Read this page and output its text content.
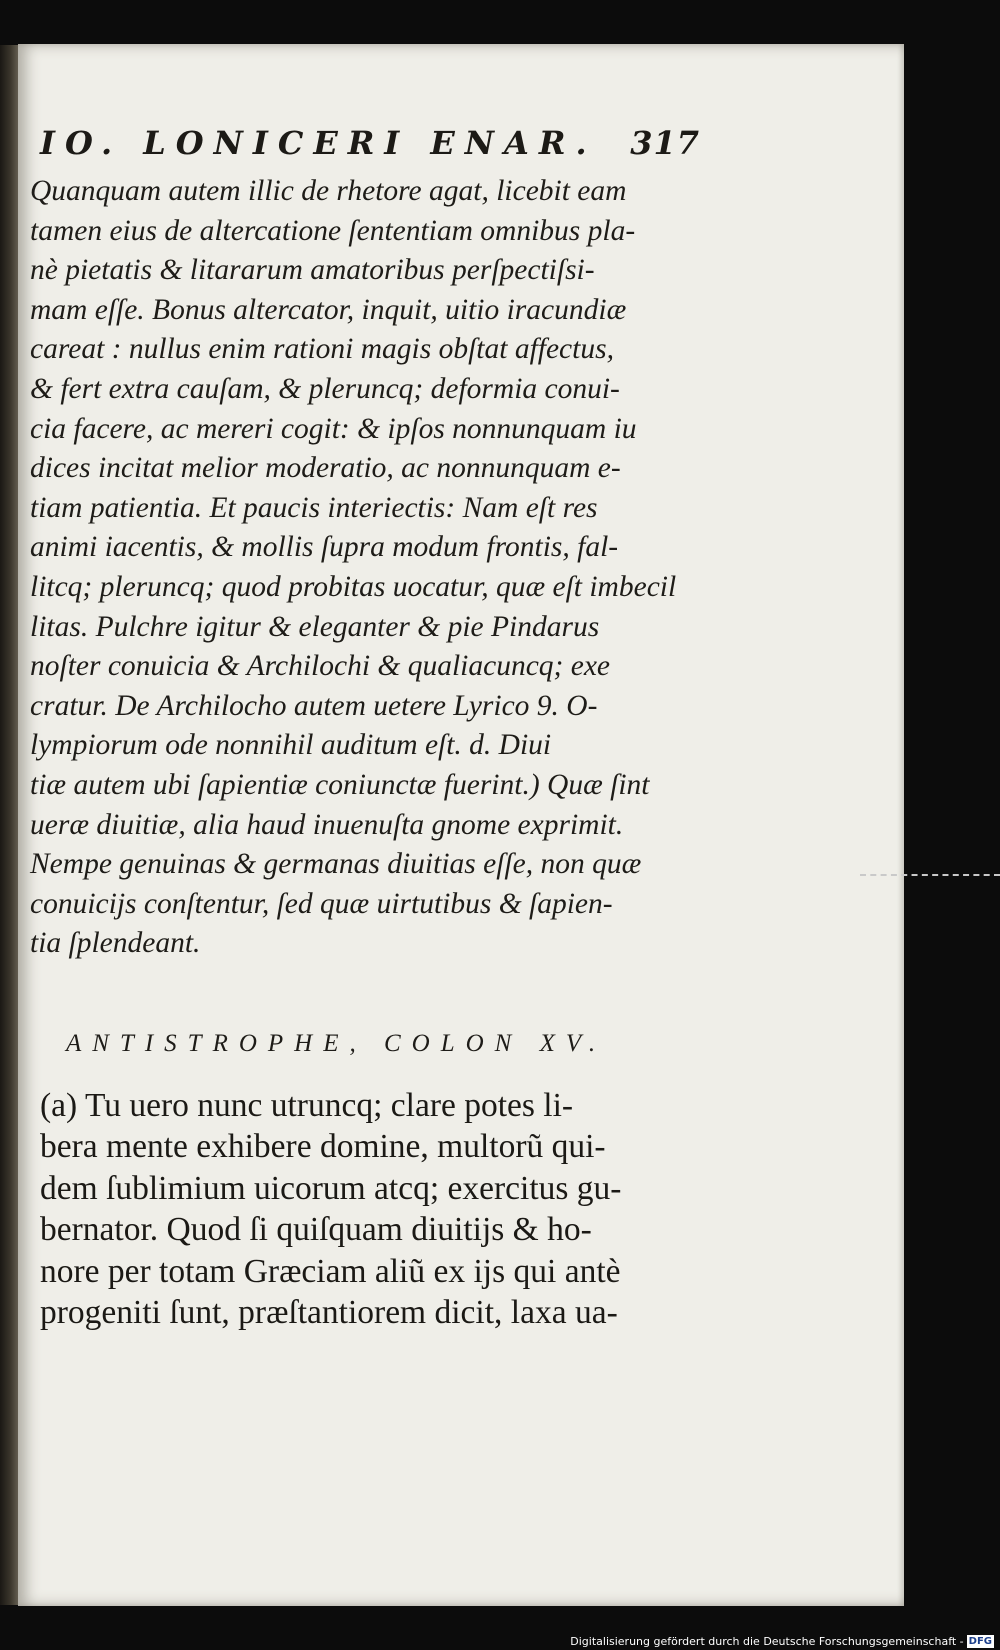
IO. LONICERI ENAR. 317
Quanquam autem illic de rhetore agat, licebit eam
tamen eius de altercatione ſententiam omnibus pla-
nè pietatis & litararum amatoribus perſpectiſsi-
mam eſſe. Bonus altercator, inquit, uitio iracundiæ
careat : nullus enim rationi magis obſtat affectus,
& fert extra cauſam, & pleruncq; deformia conui-
cia facere, ac mereri cogit: & ipſos nonnunquam iu
dices incitat melior moderatio, ac nonnunquam e-
tiam patientia. Et paucis interiectis: Nam eſt res
animi iacentis, & mollis ſupra modum frontis, fal-
litcq; pleruncq; quod probitas uocatur, quæ eſt imbecil
litas. Pulchre igitur & eleganter & pie Pindarus
noſter conuicia & Archilochi & qualiacuncq; exe
cratur. De Archilocho autem uetere Lyrico 9. O-
lympiorum ode nonnihil auditum eſt. d. Diui
tiæ autem ubi ſapientiæ coniunctæ fuerint.) Quæ ſint
ueræ diuitiæ, alia haud inuenuſta gnome exprimit.
Nempe genuinas & germanas diuitias eſſe, non quæ
conuicijs conſtentur, ſed quæ uirtutibus & ſapien-
tia ſplendeant.
ANTISTROPHE, COLON XV.
(a) Tu uero nunc utruncq; clare potes li-
bera mente exhibere domine, multorũ qui-
dem ſublimium uicorum atcq; exercitus gu-
bernator. Quod ſi quiſquam diuitijs & ho-
nore per totam Græciam aliũ ex ijs qui antè
progeniti ſunt, præſtantiorem dicit, laxa ua-
Digitalisierung gefördert durch die Deutsche Forschungsgemeinschaft - DFG
